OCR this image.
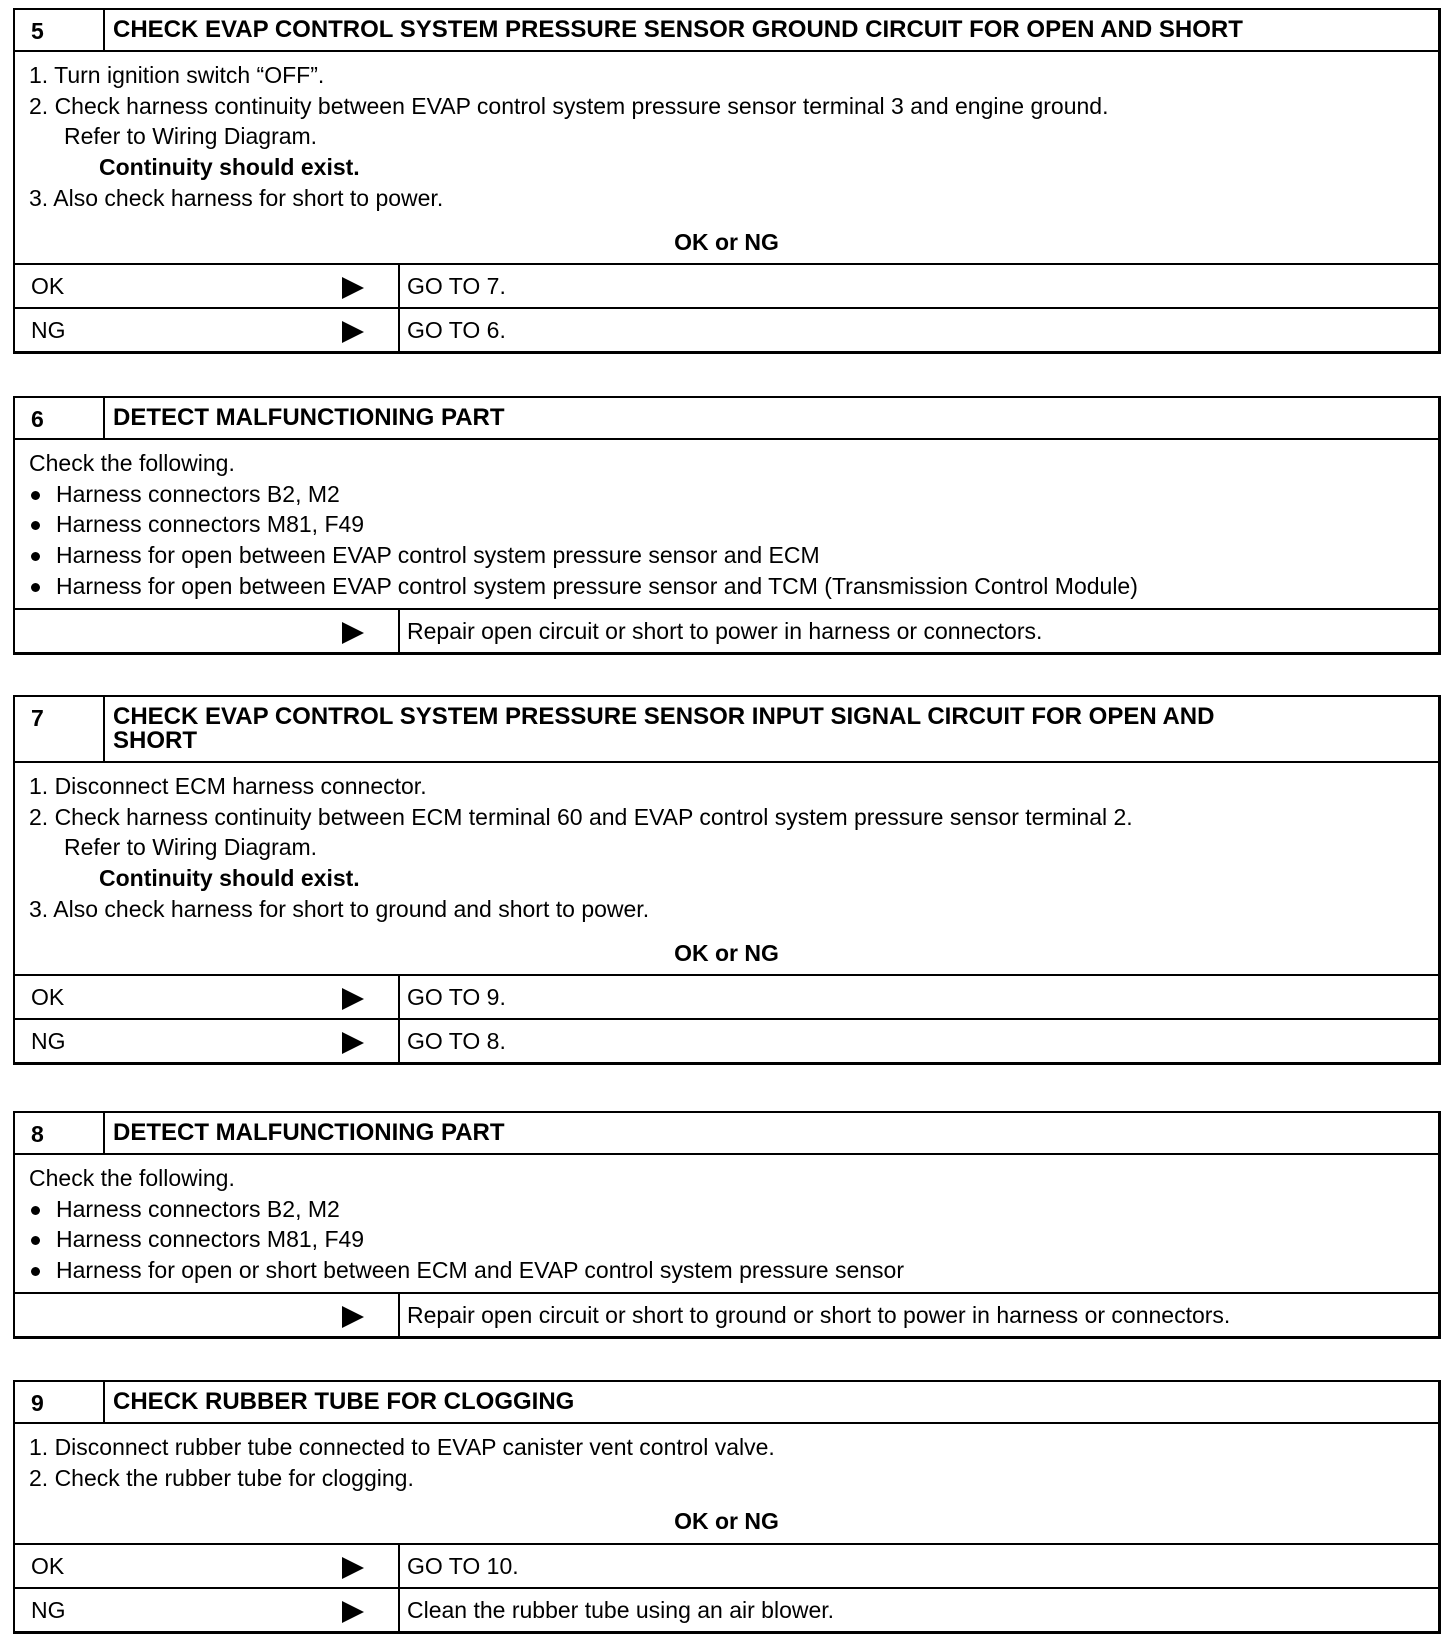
5	CHECK EVAP CONTROL SYSTEM PRESSURE SENSOR GROUND CIRCUIT FOR OPEN AND SHORT
1. Turn ignition switch “OFF”.
2. Check harness continuity between EVAP control system pressure sensor terminal 3 and engine ground.
Refer to Wiring Diagram.
Continuity should exist.
3. Also check harness for short to power.
OK or NG
OK	GO TO 7.
NG	GO TO 6.
6	DETECT MALFUNCTIONING PART
Check the following.
Harness connectors B2, M2
Harness connectors M81, F49
Harness for open between EVAP control system pressure sensor and ECM
Harness for open between EVAP control system pressure sensor and TCM (Transmission Control Module)
Repair open circuit or short to power in harness or connectors.
7	CHECK EVAP CONTROL SYSTEM PRESSURE SENSOR INPUT SIGNAL CIRCUIT FOR OPEN AND SHORT
1. Disconnect ECM harness connector.
2. Check harness continuity between ECM terminal 60 and EVAP control system pressure sensor terminal 2.
Refer to Wiring Diagram.
Continuity should exist.
3. Also check harness for short to ground and short to power.
OK or NG
OK	GO TO 9.
NG	GO TO 8.
8	DETECT MALFUNCTIONING PART
Check the following.
Harness connectors B2, M2
Harness connectors M81, F49
Harness for open or short between ECM and EVAP control system pressure sensor
Repair open circuit or short to ground or short to power in harness or connectors.
9	CHECK RUBBER TUBE FOR CLOGGING
1. Disconnect rubber tube connected to EVAP canister vent control valve.
2. Check the rubber tube for clogging.
OK or NG
OK	GO TO 10.
NG	Clean the rubber tube using an air blower.
